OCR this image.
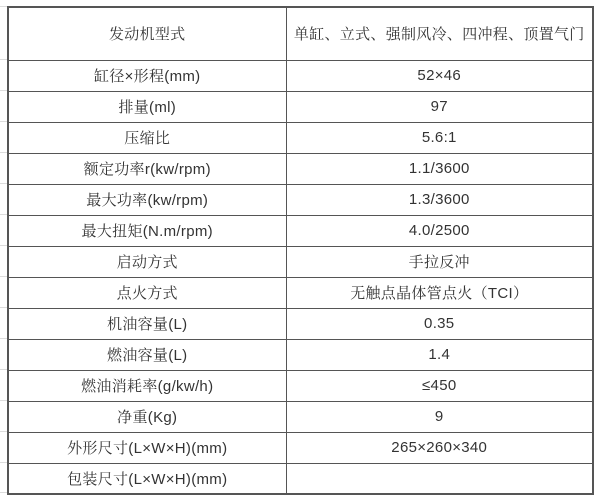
发动机型式	单缸、立式、强制风冷、四冲程、顶置气门
缸径×形程(mm)	52×46
排量(ml)	97
压缩比	5.6:1
额定功率r(kw/rpm)	1.1/3600
最大功率(kw/rpm)	1.3/3600
最大扭矩(N.m/rpm)	4.0/2500
启动方式	手拉反冲
点火方式	无触点晶体管点火（TCI）
机油容量(L)	0.35
燃油容量(L)	1.4
燃油消耗率(g/kw/h)	≤450
净重(Kg)	9
外形尺寸(L×W×H)(mm)	265×260×340
包装尺寸(L×W×H)(mm)	
